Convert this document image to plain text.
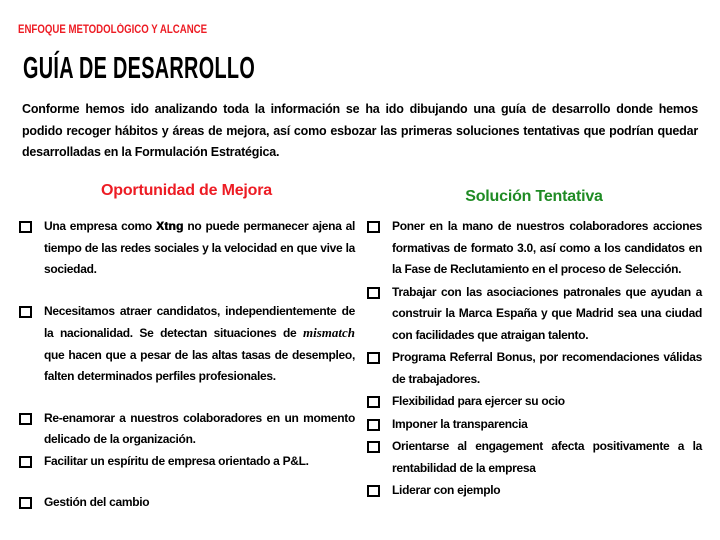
ENFOQUE METODOLÓGICO Y ALCANCE
GUÍA DE DESARROLLO

Conforme hemos ido analizando toda la información se ha ido dibujando una guía de desarrollo donde hemos podido recoger hábitos y áreas de mejora, así como esbozar las primeras soluciones tentativas que podrían quedar desarrolladas en la Formulación Estratégica.

Oportunidad de Mejora
Una empresa como Xtng no puede permanecer ajena al tiempo de las redes sociales y la velocidad en que vive la sociedad.
Necesitamos atraer candidatos, independientemente de la nacionalidad. Se detectan situaciones de mismatch que hacen que a pesar de las altas tasas de desempleo, falten determinados perfiles profesionales.
Re-enamorar a nuestros colaboradores en un momento delicado de la organización.
Facilitar un espíritu de empresa orientado a P&L.
Gestión del cambio
Solución Tentativa
Poner en la mano de nuestros colaboradores acciones formativas de formato 3.0, así como a los candidatos en la Fase de Reclutamiento en el proceso de Selección.
Trabajar con las asociaciones patronales que ayudan a construir la Marca España y que Madrid sea una ciudad con facilidades que atraigan talento.
Programa Referral Bonus, por recomendaciones válidas de trabajadores.
Flexibilidad para ejercer su ocio
Imponer la transparencia
Orientarse al engagement afecta positivamente a la rentabilidad de la empresa
Liderar con ejemplo
